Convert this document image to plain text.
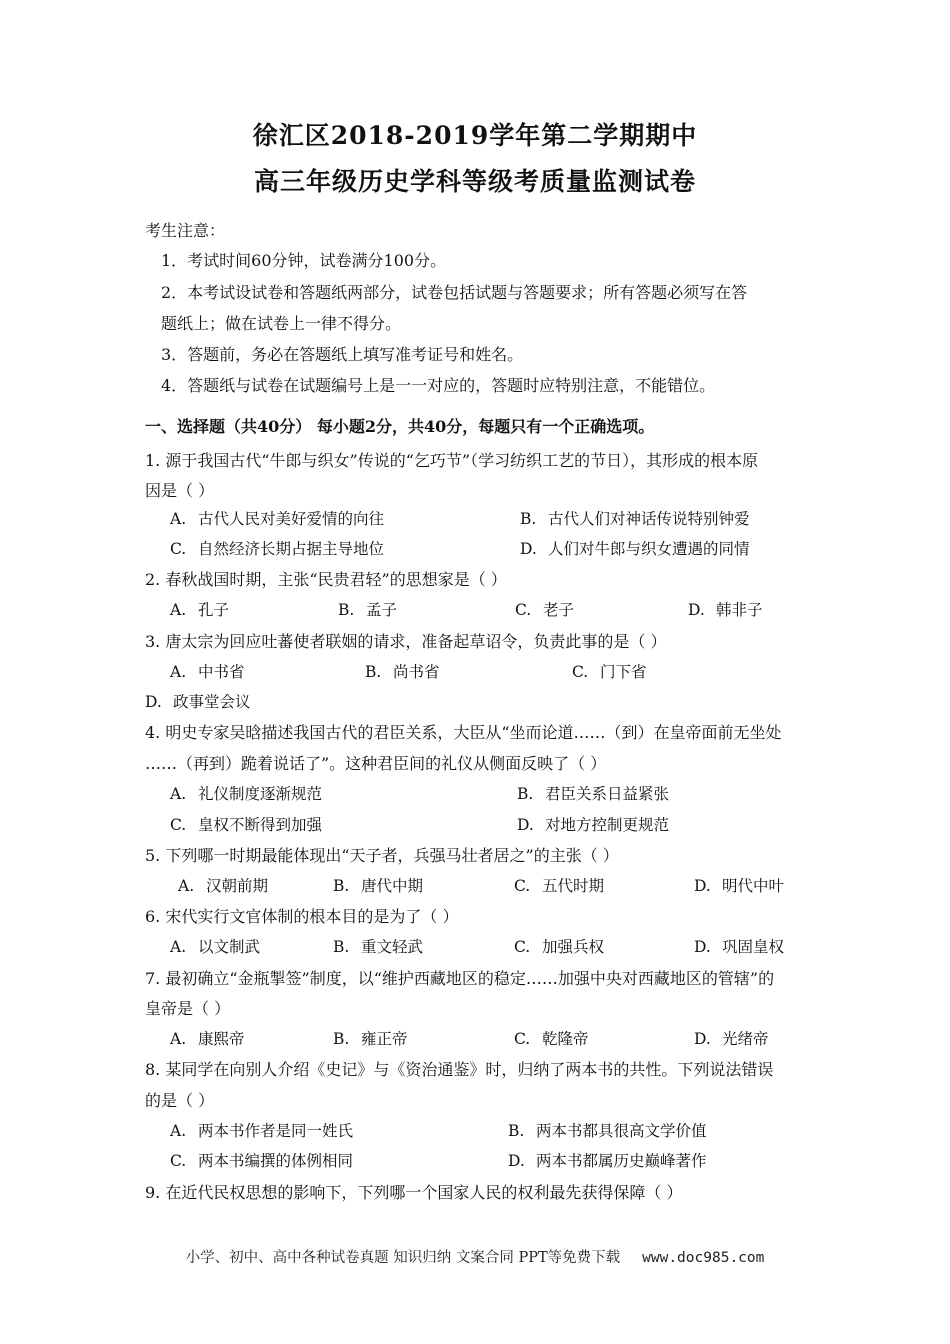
徐汇区2018-2019学年第二学期期中
高三年级历史学科等级考质量监测试卷
考生注意：
1．考试时间60分钟，试卷满分100分。
2．本考试设试卷和答题纸两部分，试卷包括试题与答题要求；所有答题必须写在答
题纸上；做在试卷上一律不得分。
3．答题前，务必在答题纸上填写准考证号和姓名。
4．答题纸与试卷在试题编号上是一一对应的，答题时应特别注意，不能错位。
一、选择题（共40分） 每小题2分，共40分，每题只有一个正确选项。
1. 源于我国古代“牛郎与织女”传说的“乞巧节”（学习纺织工艺的节日），其形成的根本原
因是（ ）
A. 古代人民对美好爱情的向往	B. 古代人们对神话传说特别钟爱
C. 自然经济长期占据主导地位	D. 人们对牛郎与织女遭遇的同情
2. 春秋战国时期，主张“民贵君轻”的思想家是（ ）
A. 孔子	B. 孟子	C. 老子	D. 韩非子
3. 唐太宗为回应吐蕃使者联姻的请求，准备起草诏令，负责此事的是（ ）
A. 中书省	B. 尚书省	C. 门下省
D. 政事堂会议
4. 明史专家吴晗描述我国古代的君臣关系，大臣从“坐而论道……（到）在皇帝面前无坐处
……（再到）跪着说话了”。这种君臣间的礼仪从侧面反映了（ ）
A. 礼仪制度逐渐规范	B. 君臣关系日益紧张
C. 皇权不断得到加强	D. 对地方控制更规范
5. 下列哪一时期最能体现出“天子者，兵强马壮者居之”的主张（ ）
A. 汉朝前期	B. 唐代中期	C. 五代时期	D. 明代中叶
6. 宋代实行文官体制的根本目的是为了（ ）
A. 以文制武	B. 重文轻武	C. 加强兵权	D. 巩固皇权
7. 最初确立“金瓶掣签”制度，以“维护西藏地区的稳定……加强中央对西藏地区的管辖”的
皇帝是（ ）
A. 康熙帝	B. 雍正帝	C. 乾隆帝	D. 光绪帝
8. 某同学在向别人介绍《史记》与《资治通鉴》时，归纳了两本书的共性。下列说法错误
的是（ ）
A. 两本书作者是同一姓氏	B. 两本书都具很高文学价值
C. 两本书编撰的体例相同	D. 两本书都属历史巅峰著作
9. 在近代民权思想的影响下，下列哪一个国家人民的权利最先获得保障（ ）
小学、初中、高中各种试卷真题 知识归纳 文案合同 PPT等免费下载 www.doc985.com
